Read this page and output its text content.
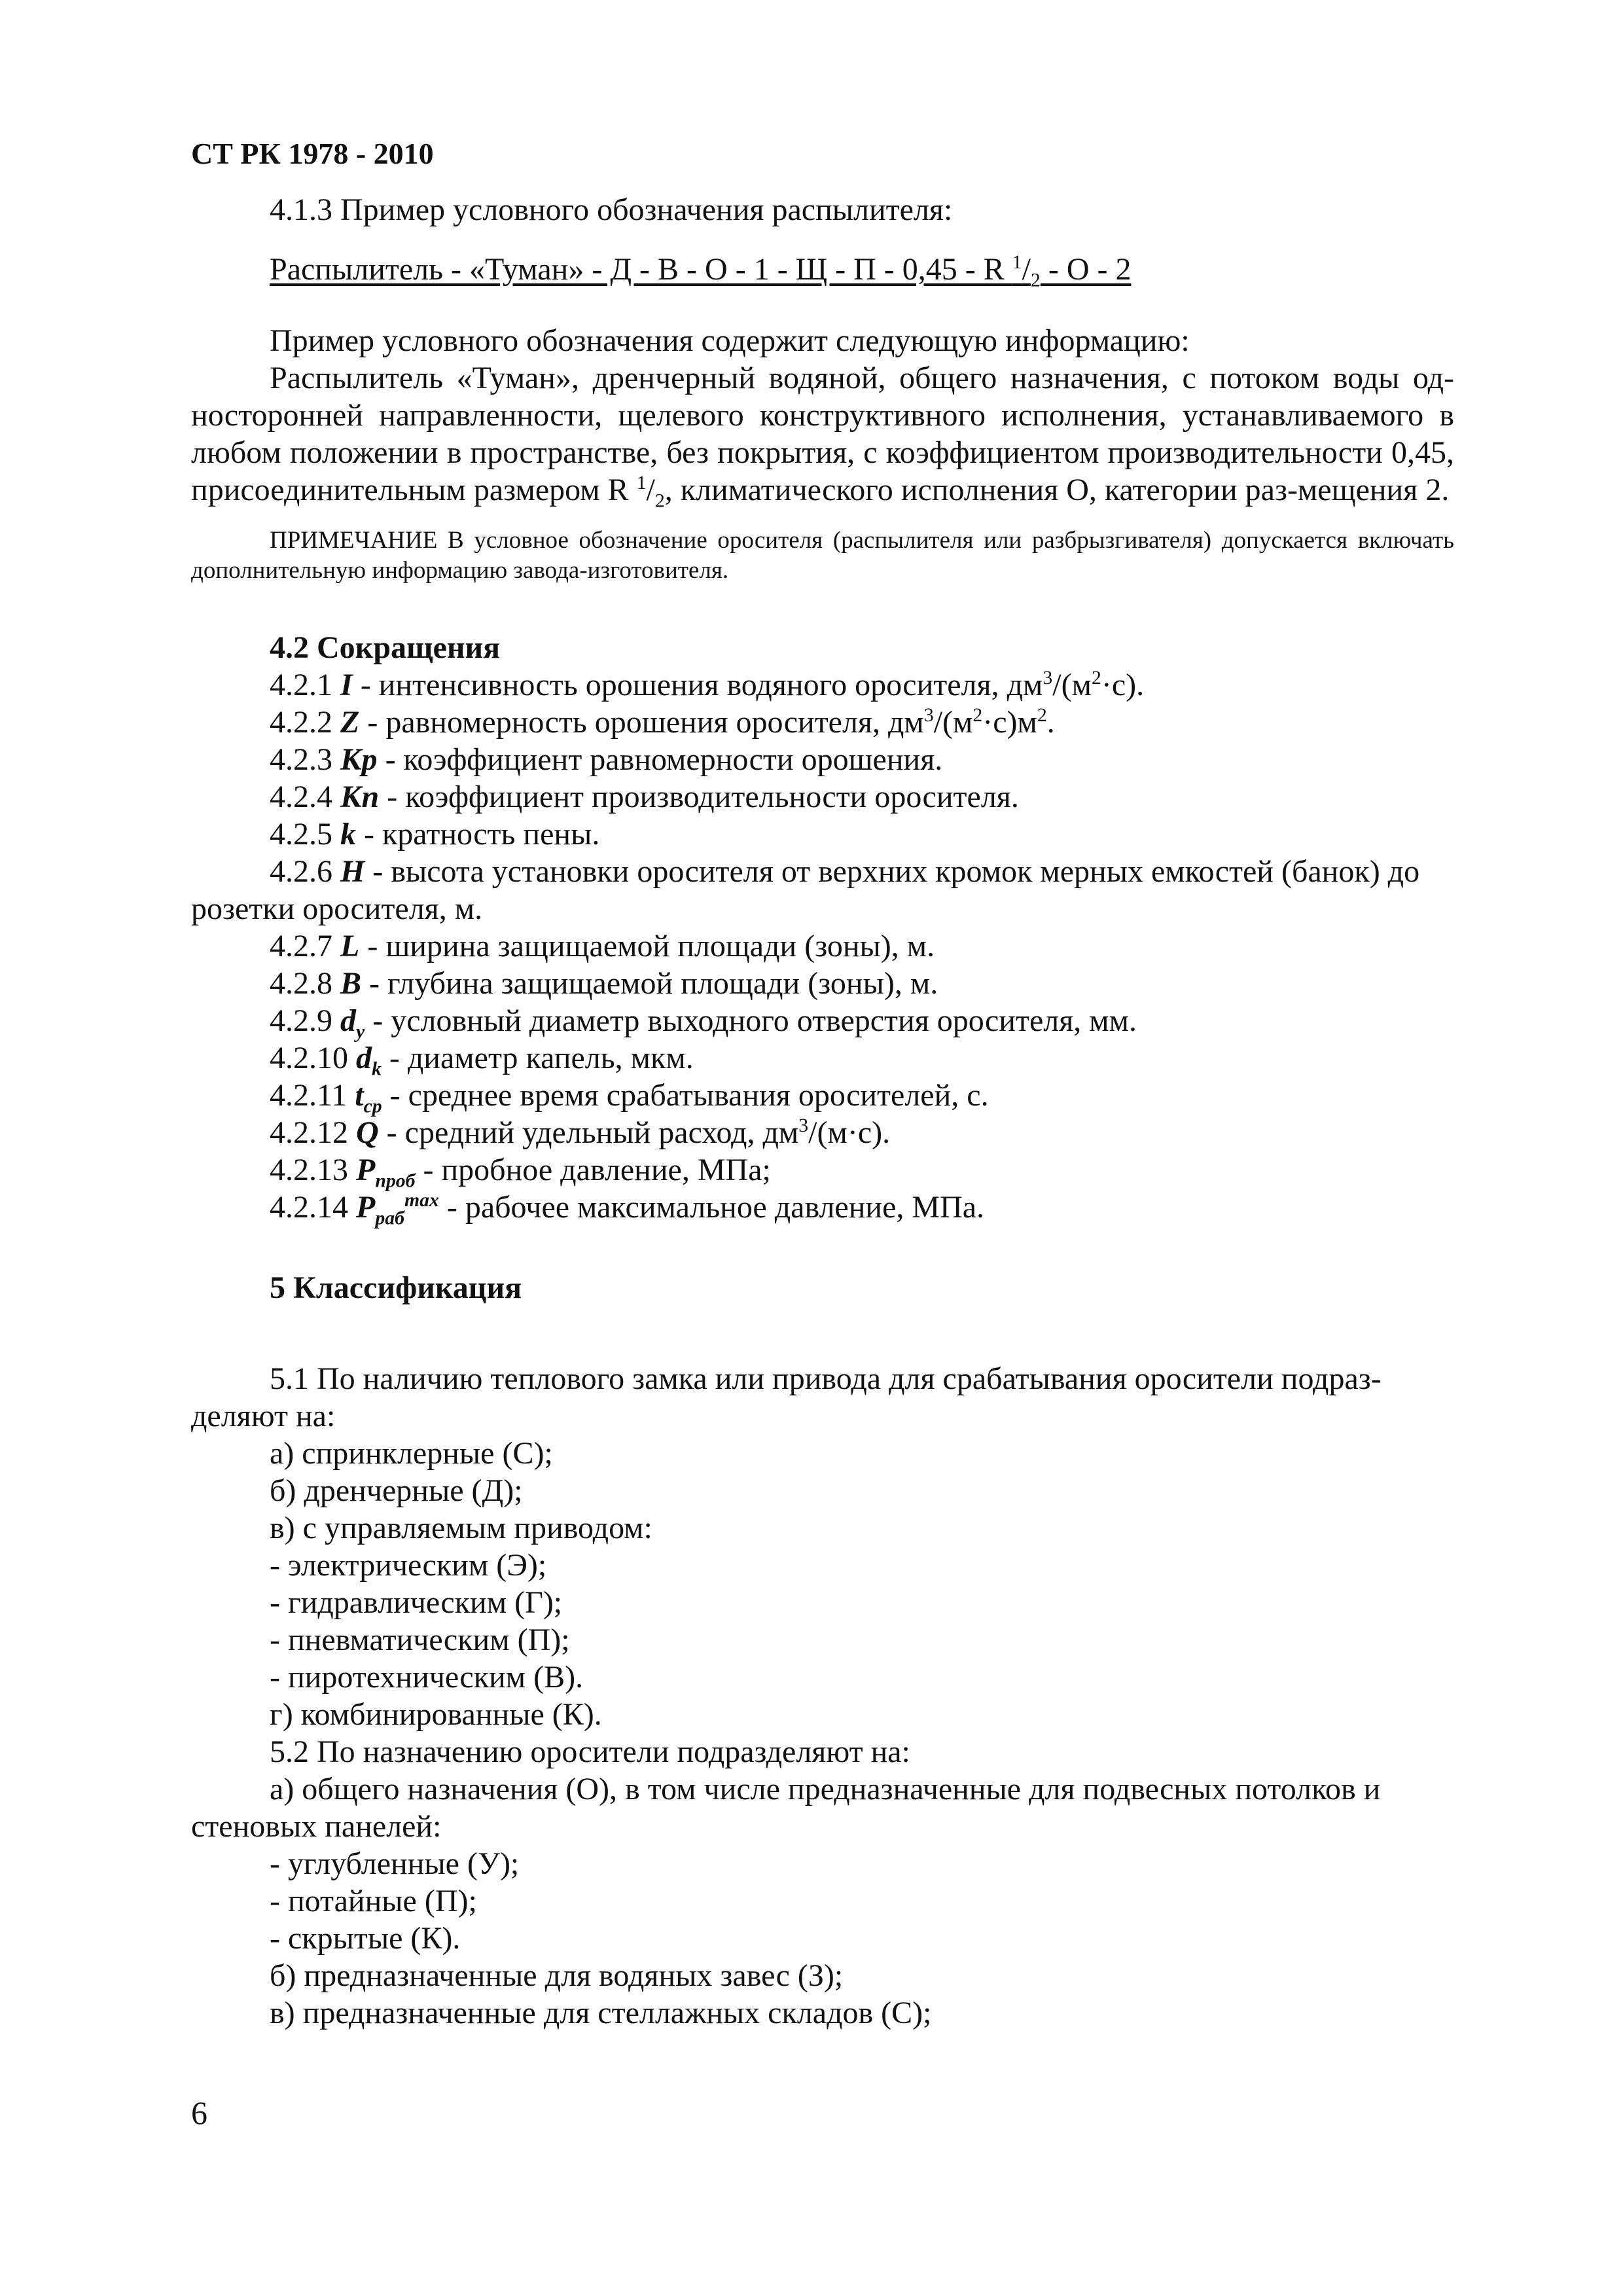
СТ РК 1978 - 2010

4.1.3 Пример условного обозначения распылителя:

Распылитель - «Туман» - Д - В - О - 1 - Щ - П - 0,45 - R $^1/_2$ - О - 2

Пример условного обозначения содержит следующую информацию:

Распылитель «Туман», дренчерный водяной, общего назначения, с потоком воды од-носторонней направленности, щелевого конструктивного исполнения, устанавливаемого в любом положении в пространстве, без покрытия, с коэффициентом производительности 0,45, присоединительным размером R $^1/_2$, климатического исполнения О, категории раз-мещения 2.

ПРИМЕЧАНИЕ В условное обозначение оросителя (распылителя или разбрызгивателя) допускается включать дополнительную информацию завода-изготовителя.

4.2 Сокращения

4.2.1 I - интенсивность орошения водяного оросителя, $дм^3/(м^2\cdot с)$.

4.2.2 Z - равномерность орошения оросителя, $дм^3/(м^2\cdot с)м^2$.

4.2.3 Кр - коэффициент равномерности орошения.

4.2.4 Кп - коэффициент производительности оросителя.

4.2.5 k - кратность пены.

4.2.6 H - высота установки оросителя от верхних кромок мерных емкостей (банок) до розетки оросителя, м.

4.2.7 L - ширина защищаемой площади (зоны), м.

4.2.8 B - глубина защищаемой площади (зоны), м.

4.2.9 $d_y$ - условный диаметр выходного отверстия оросителя, мм.

4.2.10 $d_k$ - диаметр капель, мкм.

4.2.11 $t_{ср}$ - среднее время срабатывания оросителей, с.

4.2.12 Q - средний удельный расход, $дм^3/(м\cdot с)$.

4.2.13 $P_{проб}$ - пробное давление, МПа;

4.2.14 $P_{раб}^{max}$ - рабочее максимальное давление, МПа.

5 Классификация

5.1 По наличию теплового замка или привода для срабатывания оросители подраз-деляют на:

а) спринклерные (С);

б) дренчерные (Д);

в) с управляемым приводом:

- электрическим (Э);

- гидравлическим (Г);

- пневматическим (П);

- пиротехническим (В).

г) комбинированные (К).

5.2 По назначению оросители подразделяют на:

а) общего назначения (О), в том числе предназначенные для подвесных потолков и стеновых панелей:

- углубленные (У);

- потайные (П);

- скрытые (К).

б) предназначенные для водяных завес (З);

в) предназначенные для стеллажных складов (С);

6
